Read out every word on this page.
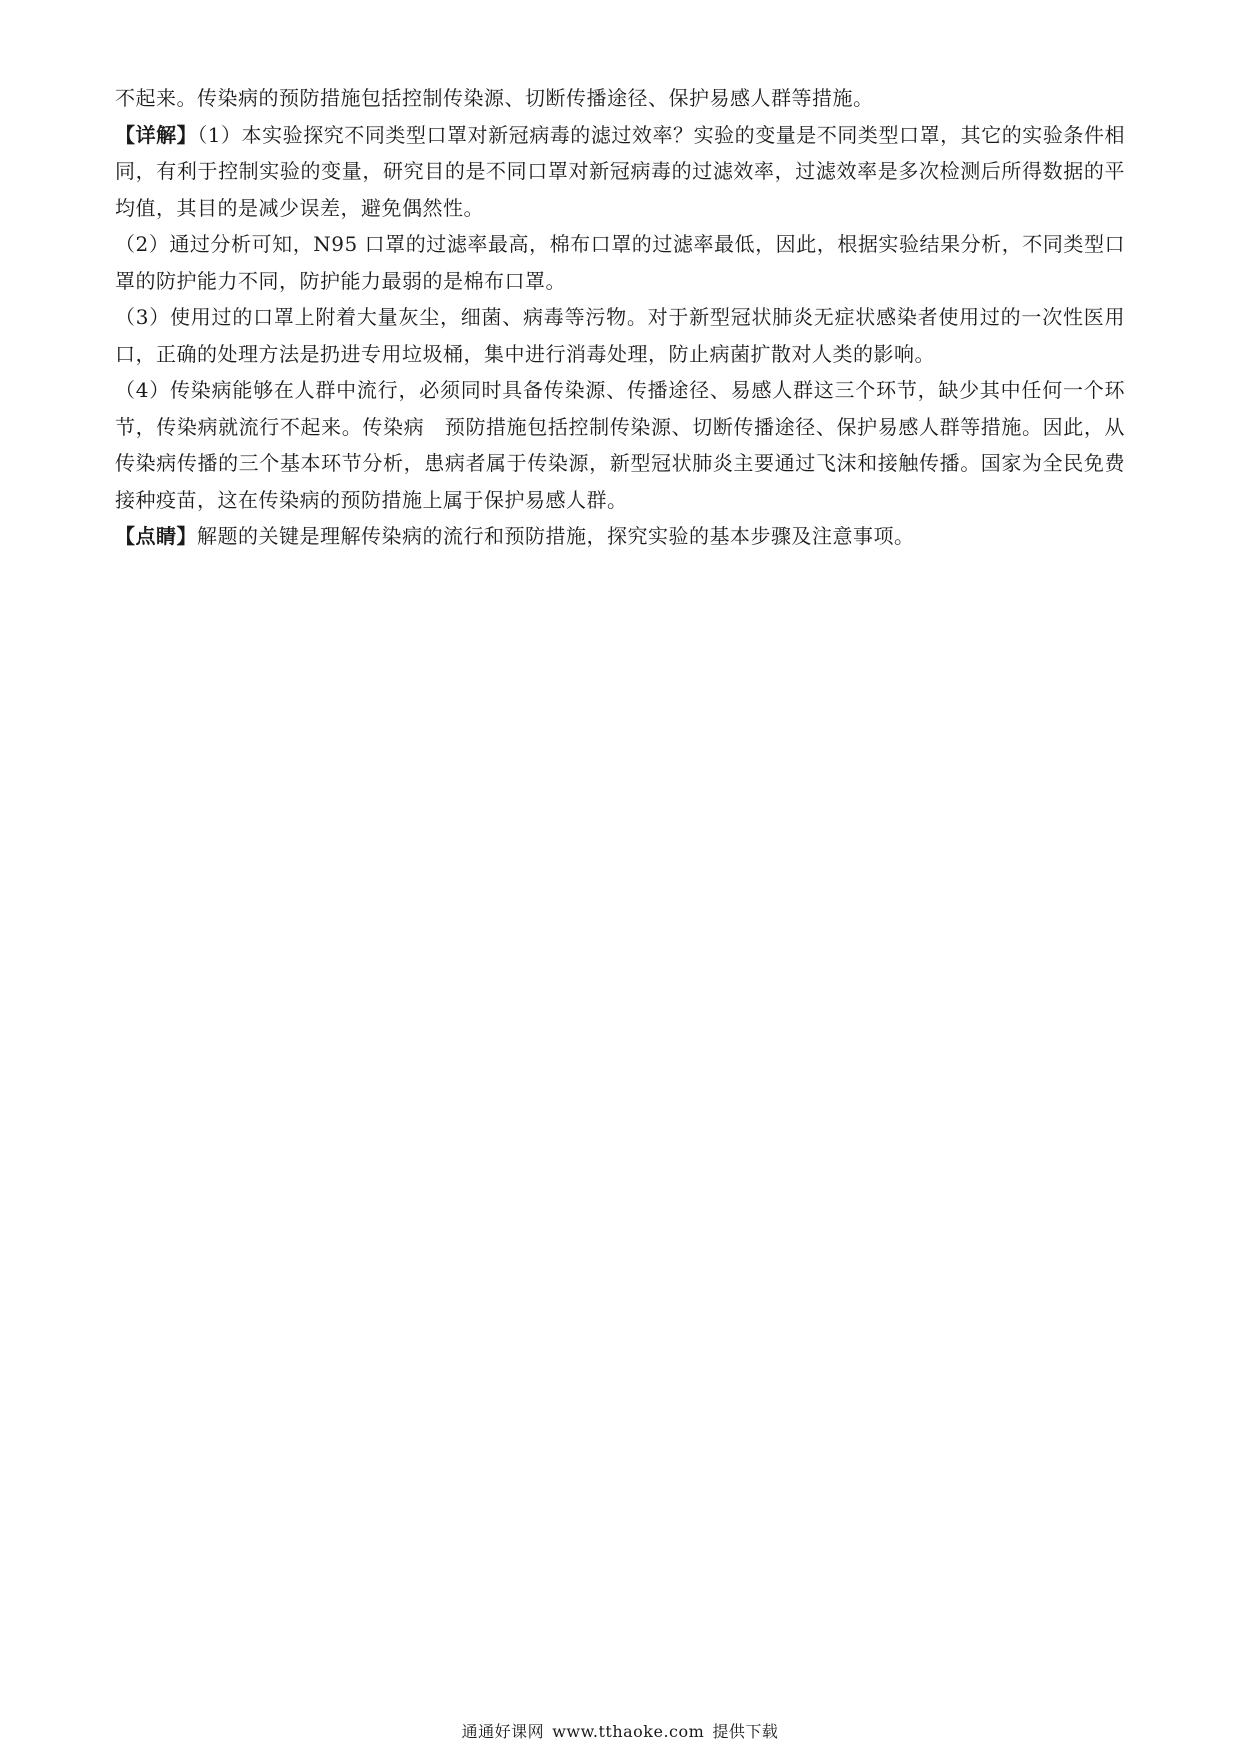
不起来。传染病的预防措施包括控制传染源、切断传播途径、保护易感人群等措施。

【详解】（1）本实验探究不同类型口罩对新冠病毒的滤过效率？实验的变量是不同类型口罩，其它的实验条件相同，有利于控制实验的变量，研究目的是不同口罩对新冠病毒的过滤效率，过滤效率是多次检测后所得数据的平均值，其目的是减少误差，避免偶然性。

（2）通过分析可知，N95 口罩的过滤率最高，棉布口罩的过滤率最低，因此，根据实验结果分析，不同类型口罩的防护能力不同，防护能力最弱的是棉布口罩。

（3）使用过的口罩上附着大量灰尘，细菌、病毒等污物。对于新型冠状肺炎无症状感染者使用过的一次性医用口，正确的处理方法是扔进专用垃圾桶，集中进行消毒处理，防止病菌扩散对人类的影响。

（4）传染病能够在人群中流行，必须同时具备传染源、传播途径、易感人群这三个环节，缺少其中任何一个环节，传染病就流行不起来。传染病　预防措施包括控制传染源、切断传播途径、保护易感人群等措施。因此，从传染病传播的三个基本环节分析，患病者属于传染源，新型冠状肺炎主要通过飞沫和接触传播。国家为全民免费接种疫苗，这在传染病的预防措施上属于保护易感人群。

【点睛】解题的关键是理解传染病的流行和预防措施，探究实验的基本步骤及注意事项。

通通好课网 www.tthaoke.com 提供下载
